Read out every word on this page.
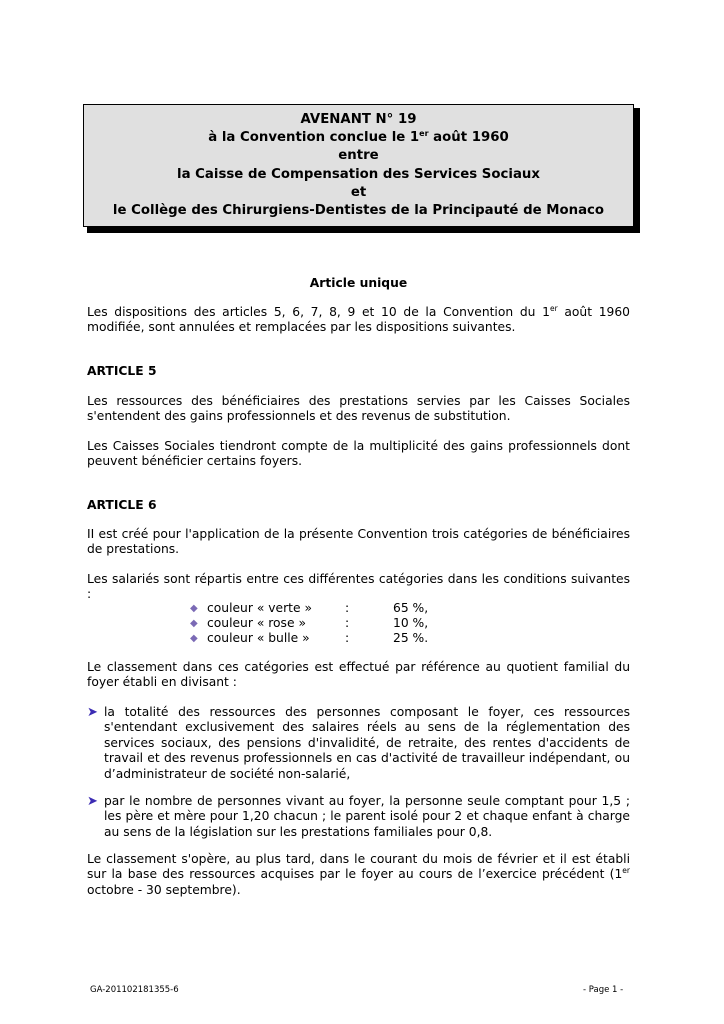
AVENANT N° 19
à la Convention conclue le 1er août 1960
entre
la Caisse de Compensation des Services Sociaux
et
le Collège des Chirurgiens-Dentistes de la Principauté de Monaco
Article unique
Les dispositions des articles 5, 6, 7, 8, 9 et 10 de la Convention du 1er août 1960 modifiée, sont annulées et remplacées par les dispositions suivantes.
ARTICLE 5
Les ressources des bénéficiaires des prestations servies par les Caisses Sociales s'entendent des gains professionnels et des revenus de substitution.
Les Caisses Sociales tiendront compte de la multiplicité des gains professionnels dont peuvent bénéficier certains foyers.
ARTICLE 6
II est créé pour l'application de la présente Convention trois catégories de bénéficiaires de prestations.
Les salariés sont répartis entre ces différentes catégories dans les conditions suivantes :
◆ couleur « verte »	:	65 %,
◆ couleur « rose »	:	10 %,
◆ couleur « bulle »	:	25 %.
Le classement dans ces catégories est effectué par référence au quotient familial du foyer établi en divisant :
➤ la totalité des ressources des personnes composant le foyer, ces ressources s'entendant exclusivement des salaires réels au sens de la réglementation des services sociaux, des pensions d'invalidité, de retraite, des rentes d'accidents de travail et des revenus professionnels en cas d'activité de travailleur indépendant, ou d’administrateur de société non-salarié,
➤ par le nombre de personnes vivant au foyer, la personne seule comptant pour 1,5 ; les père et mère pour 1,20 chacun ; le parent isolé pour 2 et chaque enfant à charge au sens de la législation sur les prestations familiales pour 0,8.
Le classement s'opère, au plus tard, dans le courant du mois de février et il est établi sur la base des ressources acquises par le foyer au cours de l’exercice précédent (1er octobre - 30 septembre).
GA-201102181355-6	- Page 1 -
